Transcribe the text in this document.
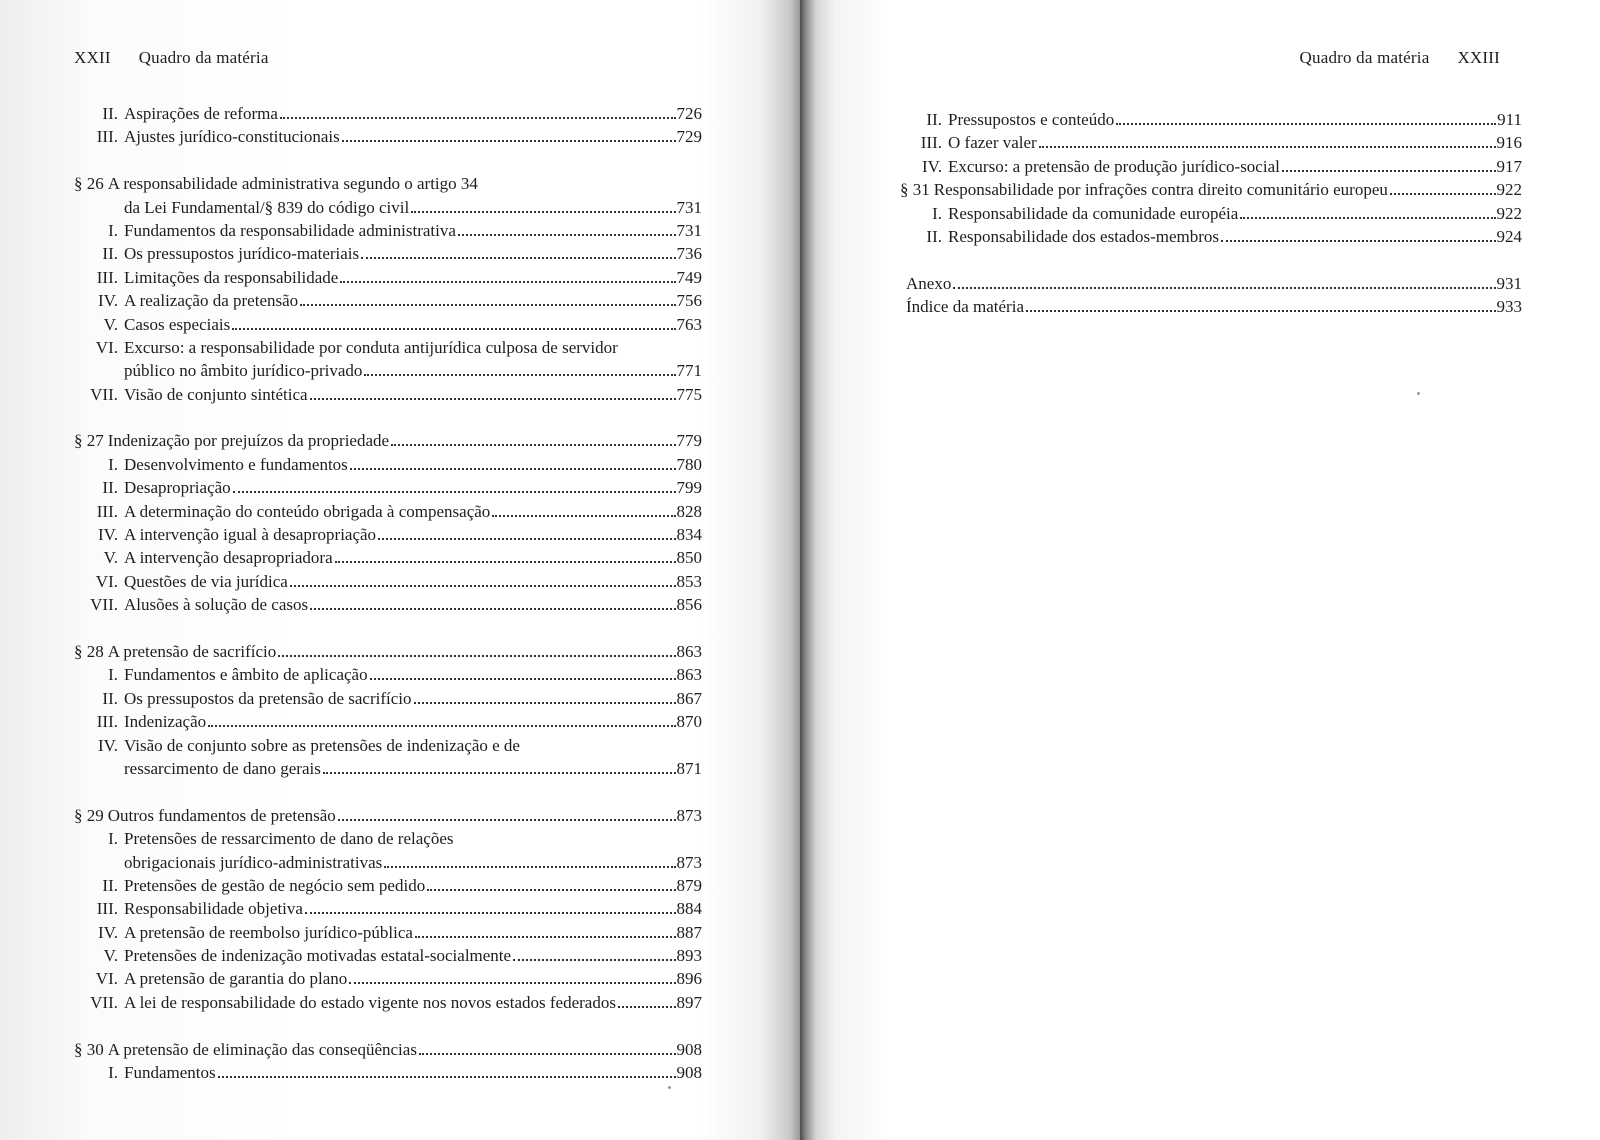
XXII Quadro da matéria
II. Aspirações de reforma	726
III. Ajustes jurídico-constitucionais	729
§ 26 A responsabilidade administrativa segundo o artigo 34
da Lei Fundamental/§ 839 do código civil	731
I. Fundamentos da responsabilidade administrativa	731
II. Os pressupostos jurídico-materiais	736
III. Limitações da responsabilidade	749
IV. A realização da pretensão	756
V. Casos especiais	763
VI. Excurso: a responsabilidade por conduta antijurídica culposa de servidor
público no âmbito jurídico-privado	771
VII. Visão de conjunto sintética	775
§ 27 Indenização por prejuízos da propriedade	779
I. Desenvolvimento e fundamentos	780
II. Desapropriação	799
III. A determinação do conteúdo obrigada à compensação	828
IV. A intervenção igual à desapropriação	834
V. A intervenção desapropriadora	850
VI. Questões de via jurídica	853
VII. Alusões à solução de casos	856
§ 28 A pretensão de sacrifício	863
I. Fundamentos e âmbito de aplicação	863
II. Os pressupostos da pretensão de sacrifício	867
III. Indenização	870
IV. Visão de conjunto sobre as pretensões de indenização e de
ressarcimento de dano gerais	871
§ 29 Outros fundamentos de pretensão	873
I. Pretensões de ressarcimento de dano de relações
obrigacionais jurídico-administrativas	873
II. Pretensões de gestão de negócio sem pedido	879
III. Responsabilidade objetiva	884
IV. A pretensão de reembolso jurídico-pública	887
V. Pretensões de indenização motivadas estatal-socialmente	893
VI. A pretensão de garantia do plano	896
VII. A lei de responsabilidade do estado vigente nos novos estados federados	897
§ 30 A pretensão de eliminação das conseqüências	908
I. Fundamentos	908
Quadro da matéria XXIII
II. Pressupostos e conteúdo	911
III. O fazer valer	916
IV. Excurso: a pretensão de produção jurídico-social	917
§ 31 Responsabilidade por infrações contra direito comunitário europeu	922
I. Responsabilidade da comunidade européia	922
II. Responsabilidade dos estados-membros	924
Anexo	931
Índice da matéria	933
